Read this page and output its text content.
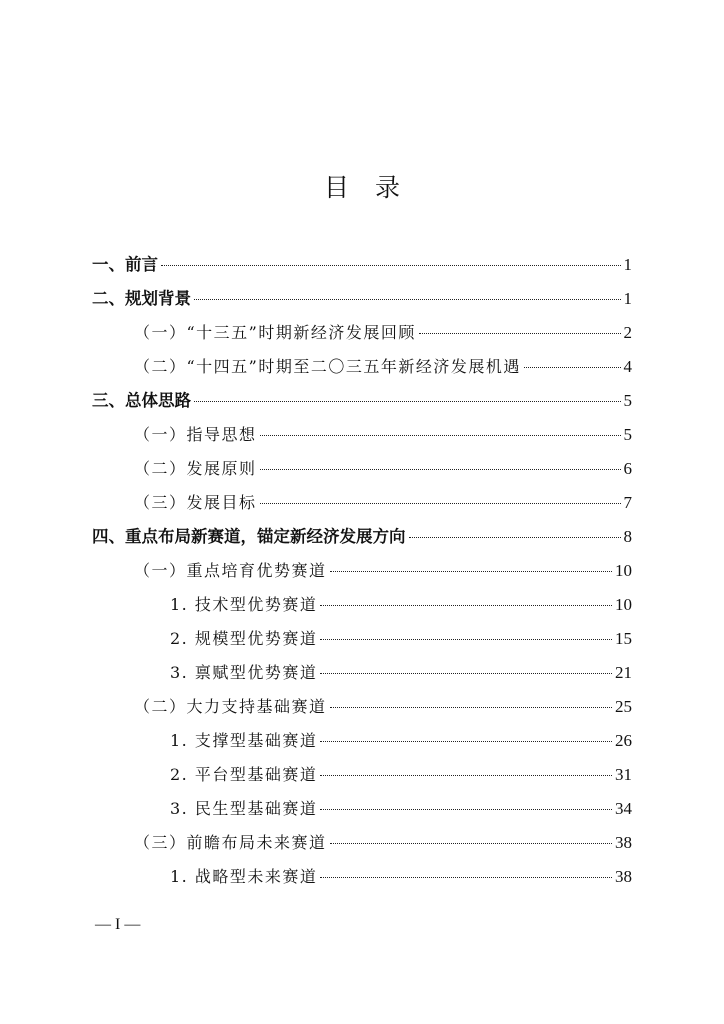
目录
一、前言	1
二、规划背景	1
（一）“十三五”时期新经济发展回顾	2
（二）“十四五”时期至二〇三五年新经济发展机遇	4
三、总体思路	5
（一）指导思想	5
（二）发展原则	6
（三）发展目标	7
四、重点布局新赛道，锚定新经济发展方向	8
（一）重点培育优势赛道	10
1. 技术型优势赛道	10
2. 规模型优势赛道	15
3. 禀赋型优势赛道	21
（二）大力支持基础赛道	25
1. 支撑型基础赛道	26
2. 平台型基础赛道	31
3. 民生型基础赛道	34
（三）前瞻布局未来赛道	38
1. 战略型未来赛道	38
— I —
